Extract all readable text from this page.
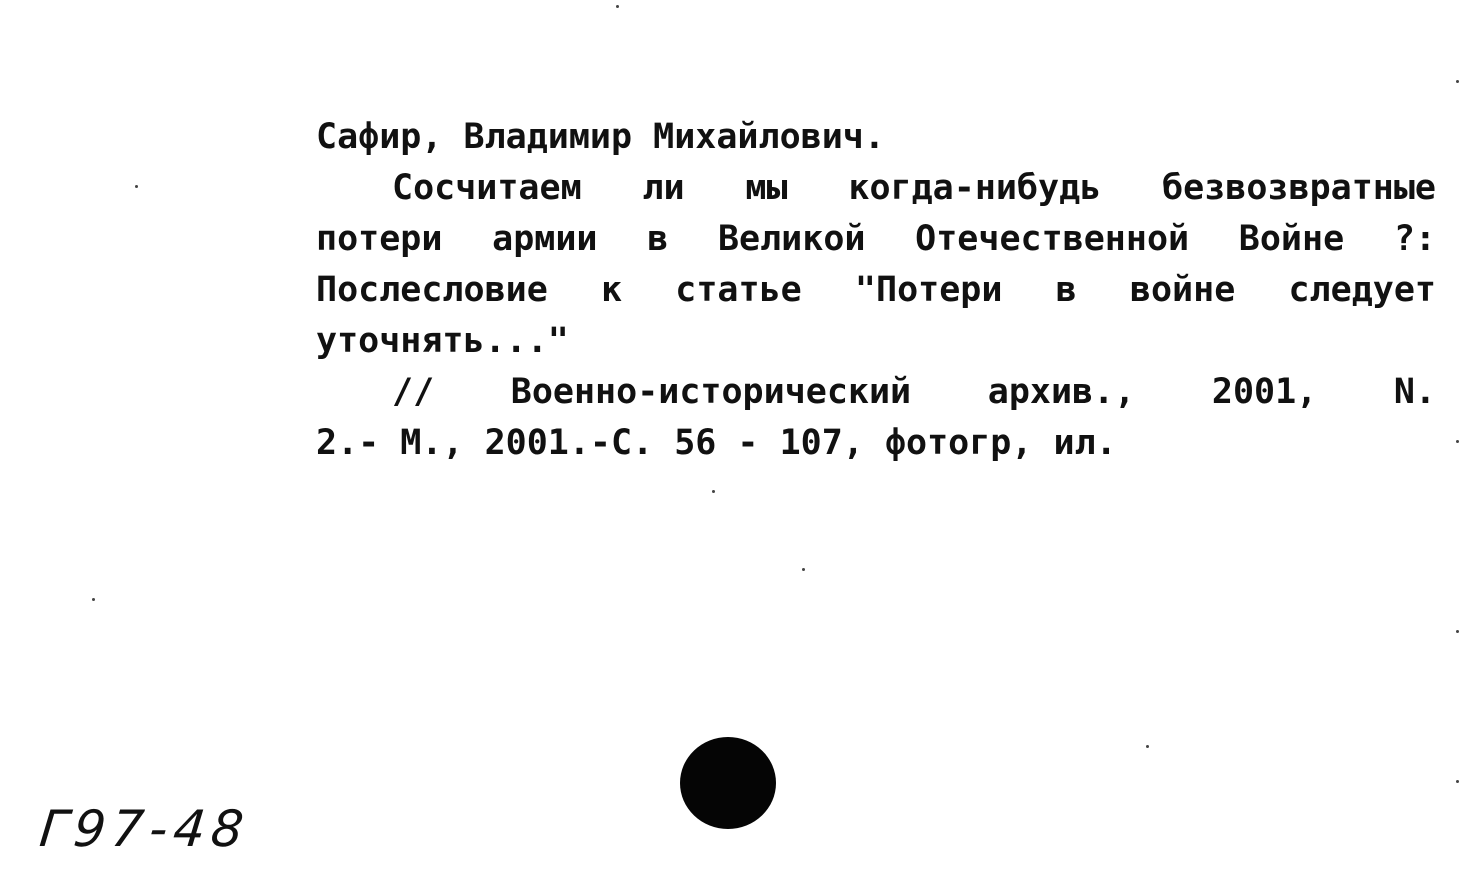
Сафир, Владимир Михайлович.
Сосчитаем ли мы когда-нибудь безвозвратные
потери армии в Великой Отечественной Войне ?:
Послесловие к статье "Потери в войне следует
уточнять..."
// Военно-исторический архив., 2001, N.
2.- М., 2001.-С. 56 - 107, фотогр, ил.
Г97-48
